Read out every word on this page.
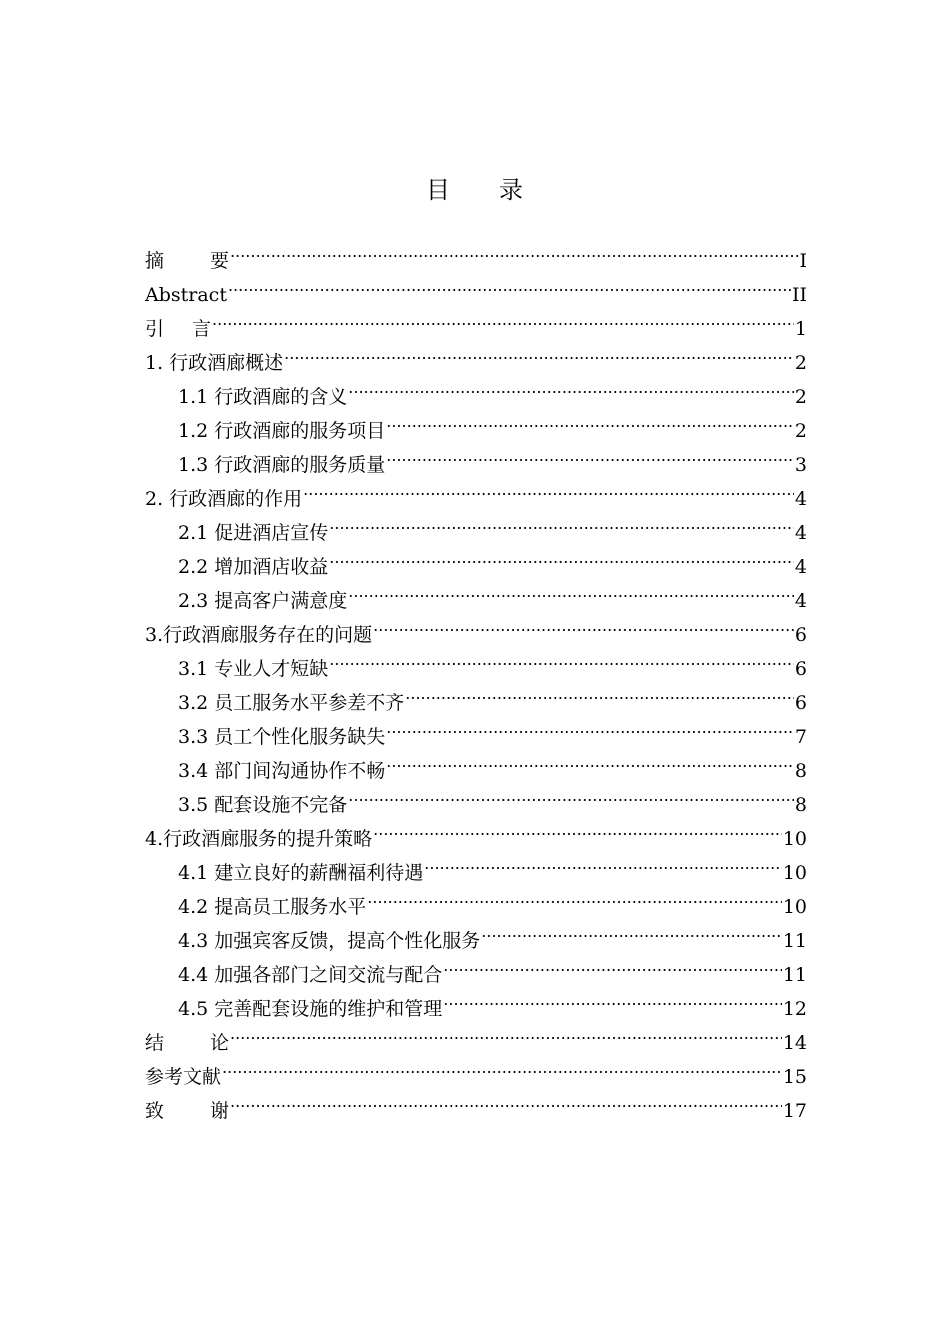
目 录
摘 要 .....	I
Abstract .....	II
引 言 .....	1
1. 行政酒廊概述 .....	2
1.1 行政酒廊的含义 .....	2
1.2 行政酒廊的服务项目 .....	2
1.3 行政酒廊的服务质量 .....	3
2. 行政酒廊的作用 .....	4
2.1 促进酒店宣传 .....	4
2.2 增加酒店收益 .....	4
2.3 提高客户满意度 .....	4
3.行政酒廊服务存在的问题 .....	6
3.1 专业人才短缺 .....	6
3.2 员工服务水平参差不齐 .....	6
3.3 员工个性化服务缺失 .....	7
3.4 部门间沟通协作不畅 .....	8
3.5 配套设施不完备 .....	8
4.行政酒廊服务的提升策略 .....	10
4.1 建立良好的薪酬福利待遇 .....	10
4.2 提高员工服务水平 .....	10
4.3 加强宾客反馈，提高个性化服务 .....	11
4.4 加强各部门之间交流与配合 .....	11
4.5 完善配套设施的维护和管理 .....	12
结 论 .....	14
参考文献 .....	15
致 谢 .....	17
